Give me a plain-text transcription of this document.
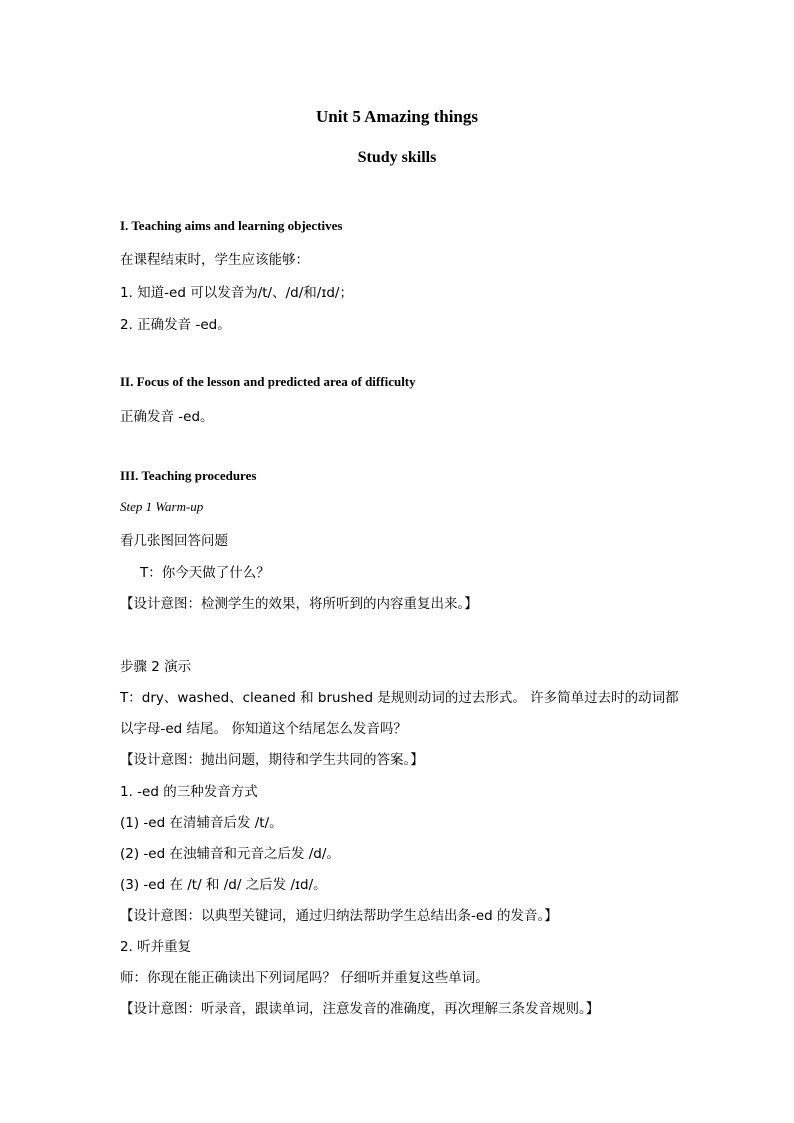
Unit 5 Amazing things
Study skills
I. Teaching aims and learning objectives
在课程结束时，学生应该能够：
1. 知道-ed 可以发音为/t/、/d/和/ɪd/；
2. 正确发音 -ed。
II. Focus of the lesson and predicted area of difficulty
正确发音 -ed。
III. Teaching procedures
Step 1 Warm-up
看几张图回答问题
T：你今天做了什么？
【设计意图：检测学生的效果，将所听到的内容重复出来。】
步骤 2 演示
T：dry、washed、cleaned 和 brushed 是规则动词的过去形式。 许多简单过去时的动词都
以字母-ed 结尾。 你知道这个结尾怎么发音吗？
【设计意图：抛出问题，期待和学生共同的答案。】
1. -ed 的三种发音方式
(1) -ed 在清辅音后发 /t/。
(2) -ed 在浊辅音和元音之后发 /d/。
(3) -ed 在 /t/ 和 /d/ 之后发 /ɪd/。
【设计意图：以典型关键词，通过归纳法帮助学生总结出条-ed 的发音。】
2. 听并重复
师：你现在能正确读出下列词尾吗？ 仔细听并重复这些单词。
【设计意图：听录音，跟读单词，注意发音的准确度，再次理解三条发音规则。】
